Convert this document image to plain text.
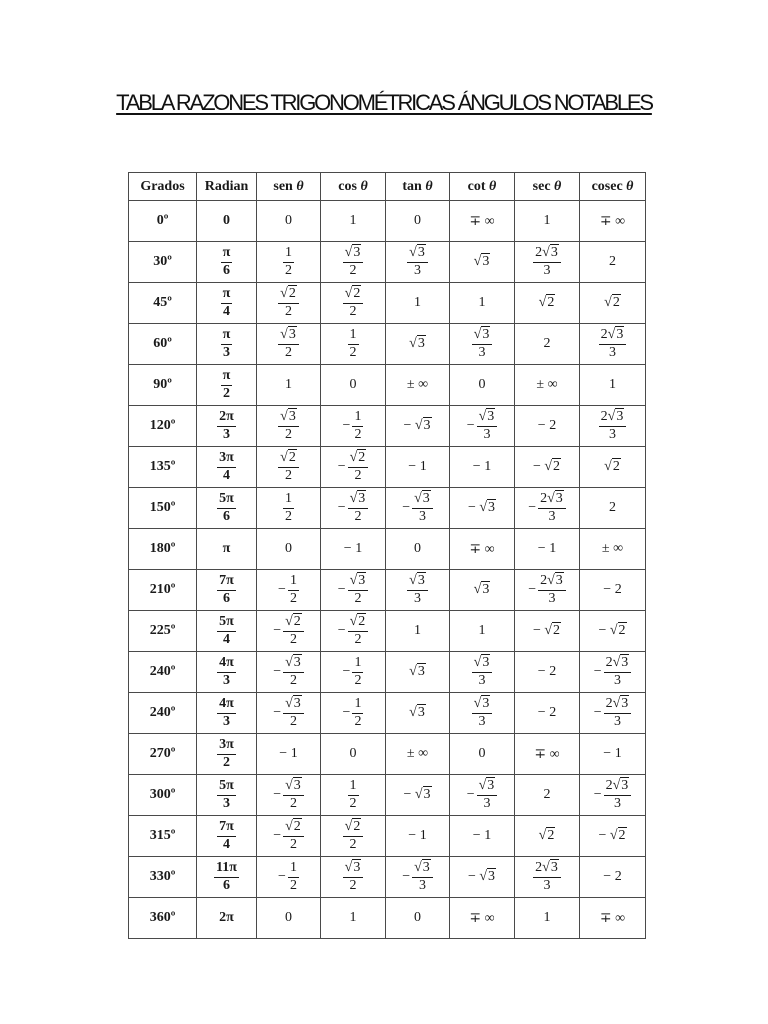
TABLA RAZONES TRIGONOMÉTRICAS ÁNGULOS NOTABLES
Grados	Radian	sen θ	cos θ	tan θ	cot θ	sec θ	cosec θ
0º	0	0	1	0	∓ ∞	1	∓ ∞
30º	$\frac{\pi}{6}$	$\frac{1}{2}$	$\frac{√3}{2}$	$\frac{√3}{3}$	√3	$\frac{2√3}{3}$	2
45º	$\frac{\pi}{4}$	$\frac{√2}{2}$	$\frac{√2}{2}$	1	1	√2	√2
60º	$\frac{\pi}{3}$	$\frac{√3}{2}$	$\frac{1}{2}$	√3	$\frac{√3}{3}$	2	$\frac{2√3}{3}$

90º	$\frac{\pi}{2}$	1	0	± ∞	0	± ∞	1
120º	$\frac{2\pi}{3}$	$\frac{√3}{2}$	− $\frac{1}{2}$	− √3	− $\frac{√3}{3}$	− 2	$\frac{2√3}{3}$

135º	$\frac{3\pi}{4}$	$\frac{√2}{2}$	− $\frac{√2}{2}$	− 1	− 1	− √2	√2
150º	$\frac{5\pi}{6}$	$\frac{1}{2}$	− $\frac{√3}{2}$	− $\frac{√3}{3}$	− √3	− $\frac{2√3}{3}$	2
180º	π	0	− 1	0	∓ ∞	− 1	± ∞
210º	$\frac{7\pi}{6}$	− $\frac{1}{2}$	− $\frac{√3}{2}$	$\frac{√3}{3}$	√3	− $\frac{2√3}{3}$	− 2
225º	$\frac{5\pi}{4}$	− $\frac{√2}{2}$	− $\frac{√2}{2}$	1	1	− √2	− √2
240º	$\frac{4\pi}{3}$	− $\frac{√3}{2}$	− $\frac{1}{2}$	√3	$\frac{√3}{3}$	− 2	− $\frac{2√3}{3}$

240º	$\frac{4\pi}{3}$	− $\frac{√3}{2}$	− $\frac{1}{2}$	√3	$\frac{√3}{3}$	− 2	− $\frac{2√3}{3}$

270º	$\frac{3\pi}{2}$	− 1	0	± ∞	0	∓ ∞	− 1
300º	$\frac{5\pi}{3}$	− $\frac{√3}{2}$	$\frac{1}{2}$	− √3	− $\frac{√3}{3}$	2	− $\frac{2√3}{3}$

315º	$\frac{7\pi}{4}$	− $\frac{√2}{2}$	$\frac{√2}{2}$	− 1	− 1	√2	− √2
330º	$\frac{11\pi}{6}$	− $\frac{1}{2}$	$\frac{√3}{2}$	− $\frac{√3}{3}$	− √3	$\frac{2√3}{3}$	− 2
360º	2π	0	1	0	∓ ∞	1	∓ ∞
